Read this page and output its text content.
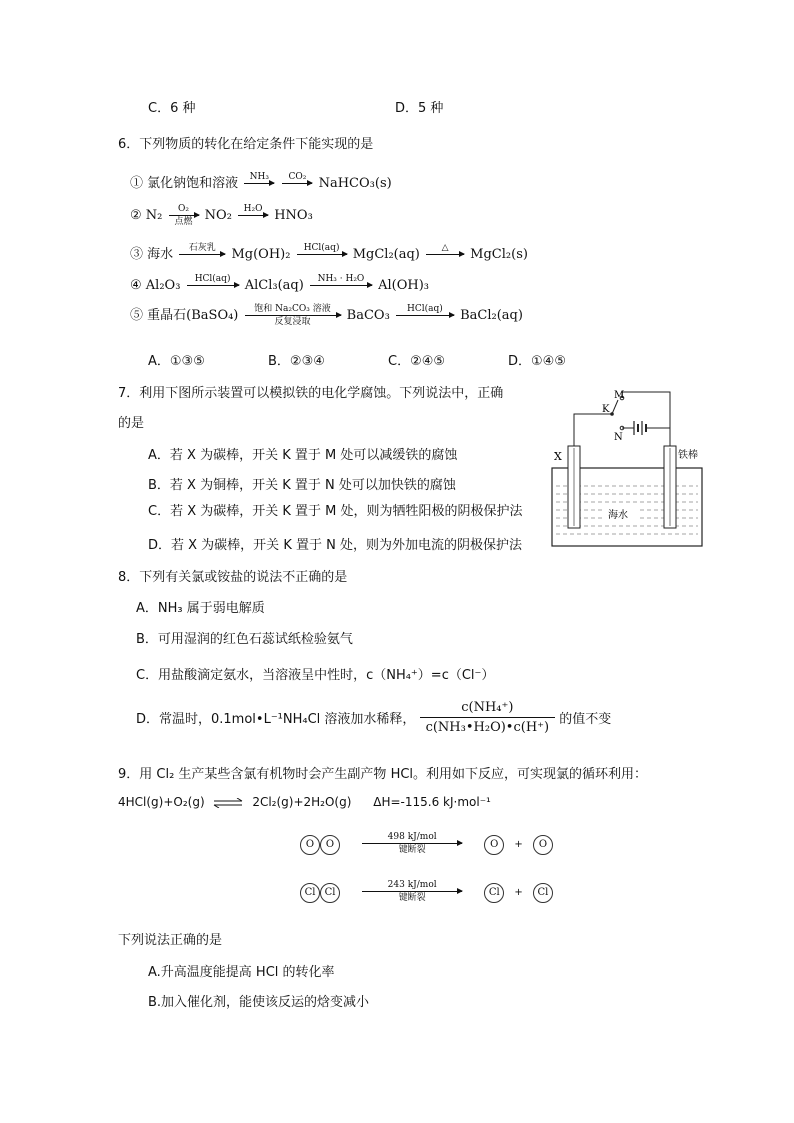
C．6 种	D．5 种
6．下列物质的转化在给定条件下能实现的是
① 氯化钠饱和溶液	NH₃

	CO₂
NaHCO₃(s)
② N₂	O₂
点燃 NO₂	H₂O
HNO₃
③ 海水	石灰乳
	Mg(OH)₂	HCl(aq)
	MgCl₂(aq)	△
	MgCl₂(s)
④ Al₂O₃	HCl(aq)
	AlCl₃(aq)	NH₃ · H₂O
	Al(OH)₃
⑤ 重晶石(BaSO₄)	饱和 Na₂CO₃ 溶液
反复浸取	BaCO₃	HCl(aq)
	BaCl₂(aq)
A．①③⑤	B．②③④	C．②④⑤	D．①④⑤
7．利用下图所示装置可以模拟铁的电化学腐蚀。下列说法中，正确
的是
A．若 X 为碳棒，开关 K 置于 M 处可以减缓铁的腐蚀
B．若 X 为铜棒，开关 K 置于 N 处可以加快铁的腐蚀
C．若 X 为碳棒，开关 K 置于 M 处，则为牺牲阳极的阴极保护法
D．若 X 为碳棒，开关 K 置于 N 处，则为外加电流的阴极保护法
M
K
N
X	铁棒
海水
8．下列有关氯或铵盐的说法不正确的是
A．NH₃ 属于弱电解质
B．可用湿润的红色石蕊试纸检验氨气
C．用盐酸滴定氨水，当溶液呈中性时，c（NH₄⁺）=c（Cl⁻）
D．常温时，0.1mol•L⁻¹NH₄Cl 溶液加水稀释， $\frac{\text{c(NH₄⁺)}}{\text{c(NH₃•H₂O)•c(H⁺)}}$ 的值不变
9．用 Cl₂ 生产某些含氯有机物时会产生副产物 HCl。利用如下反应，可实现氯的循环利用：
4HCl(g)+O₂(g) ⇌ 2Cl₂(g)+2H₂O(g) ΔH=-115.6 kJ·mol⁻¹
O O
498 kJ/mol
键断裂	O + O
Cl Cl
243 kJ/mol
键断裂	Cl + Cl
下列说法正确的是
A.升高温度能提高 HCl 的转化率
B.加入催化剂，能使该反运的焓变减小
